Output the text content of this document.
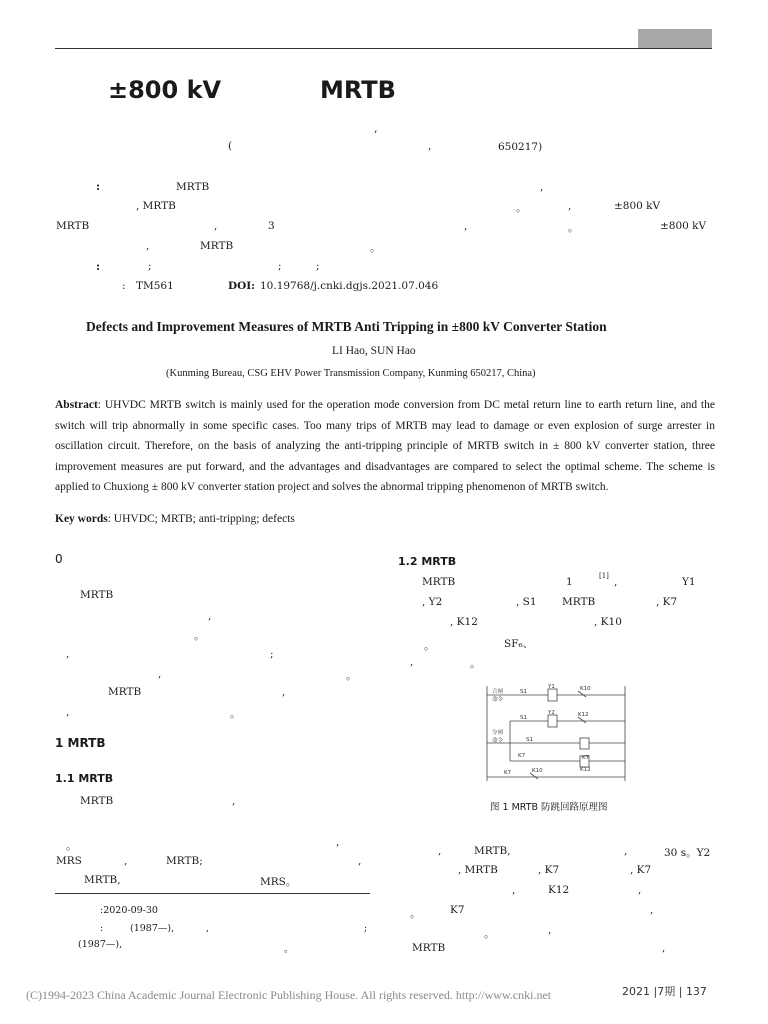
±800 kV	MRTB
,
(	,	650217)
:	MRTB	,
, MRTB	。	,	±800 kV
MRTB	,	3	,	。	±800 kV
,	MRTB	。
:	;	;	;
: TM561	DOI: 10.19768/j.cnki.dgjs.2021.07.046
Defects and Improvement Measures of MRTB Anti Tripping in ±800 kV Converter Station
LI Hao, SUN Hao
(Kunming Bureau, CSG EHV Power Transmission Company, Kunming 650217, China)
Abstract: UHVDC MRTB switch is mainly used for the operation mode conversion from DC metal return line to earth return line, and the switch will trip abnormally in some specific cases. Too many trips of MRTB may lead to damage or even explosion of surge arrester in oscillation circuit. Therefore, on the basis of analyzing the anti-tripping principle of MRTB switch in ± 800 kV converter station, three improvement measures are put forward, and the advantages and disadvantages are compared to select the optimal scheme. The scheme is applied to Chuxiong ± 800 kV converter station project and solves the abnormal tripping phenomenon of MRTB switch.
Key words: UHVDC; MRTB; anti-tripping; defects
0
MRTB
,
。
,	;
,	。
MRTB	,
,	。
1 MRTB
1.1 MRTB
MRTB	,
。	,
MRS	,	MRTB;	,
MRTB,	MRS。
:2020-09-30
:	(1987—),	,	;
(1987—),	。
1.2 MRTB
MRTB	1	[1] ,	Y1
, Y2	, S1 MRTB	, K7
, K12	, K10
。	SF₆、
,	。
合闸
命令
S1
Y1	K10
S1
Y2	K12
分闸
命令	S1
K7	K7
K12
K7	K10
图 1 MRTB 防跳回路原理图
,	MRTB,	,	30 s。Y2
, MRTB	, K7	, K7
,	K12	,
。	K7	,
。	,
MRTB	,
(C)1994-2023 China Academic Journal Electronic Publishing House. All rights reserved. http://www.cnki.net	2021 |7期 | 137
